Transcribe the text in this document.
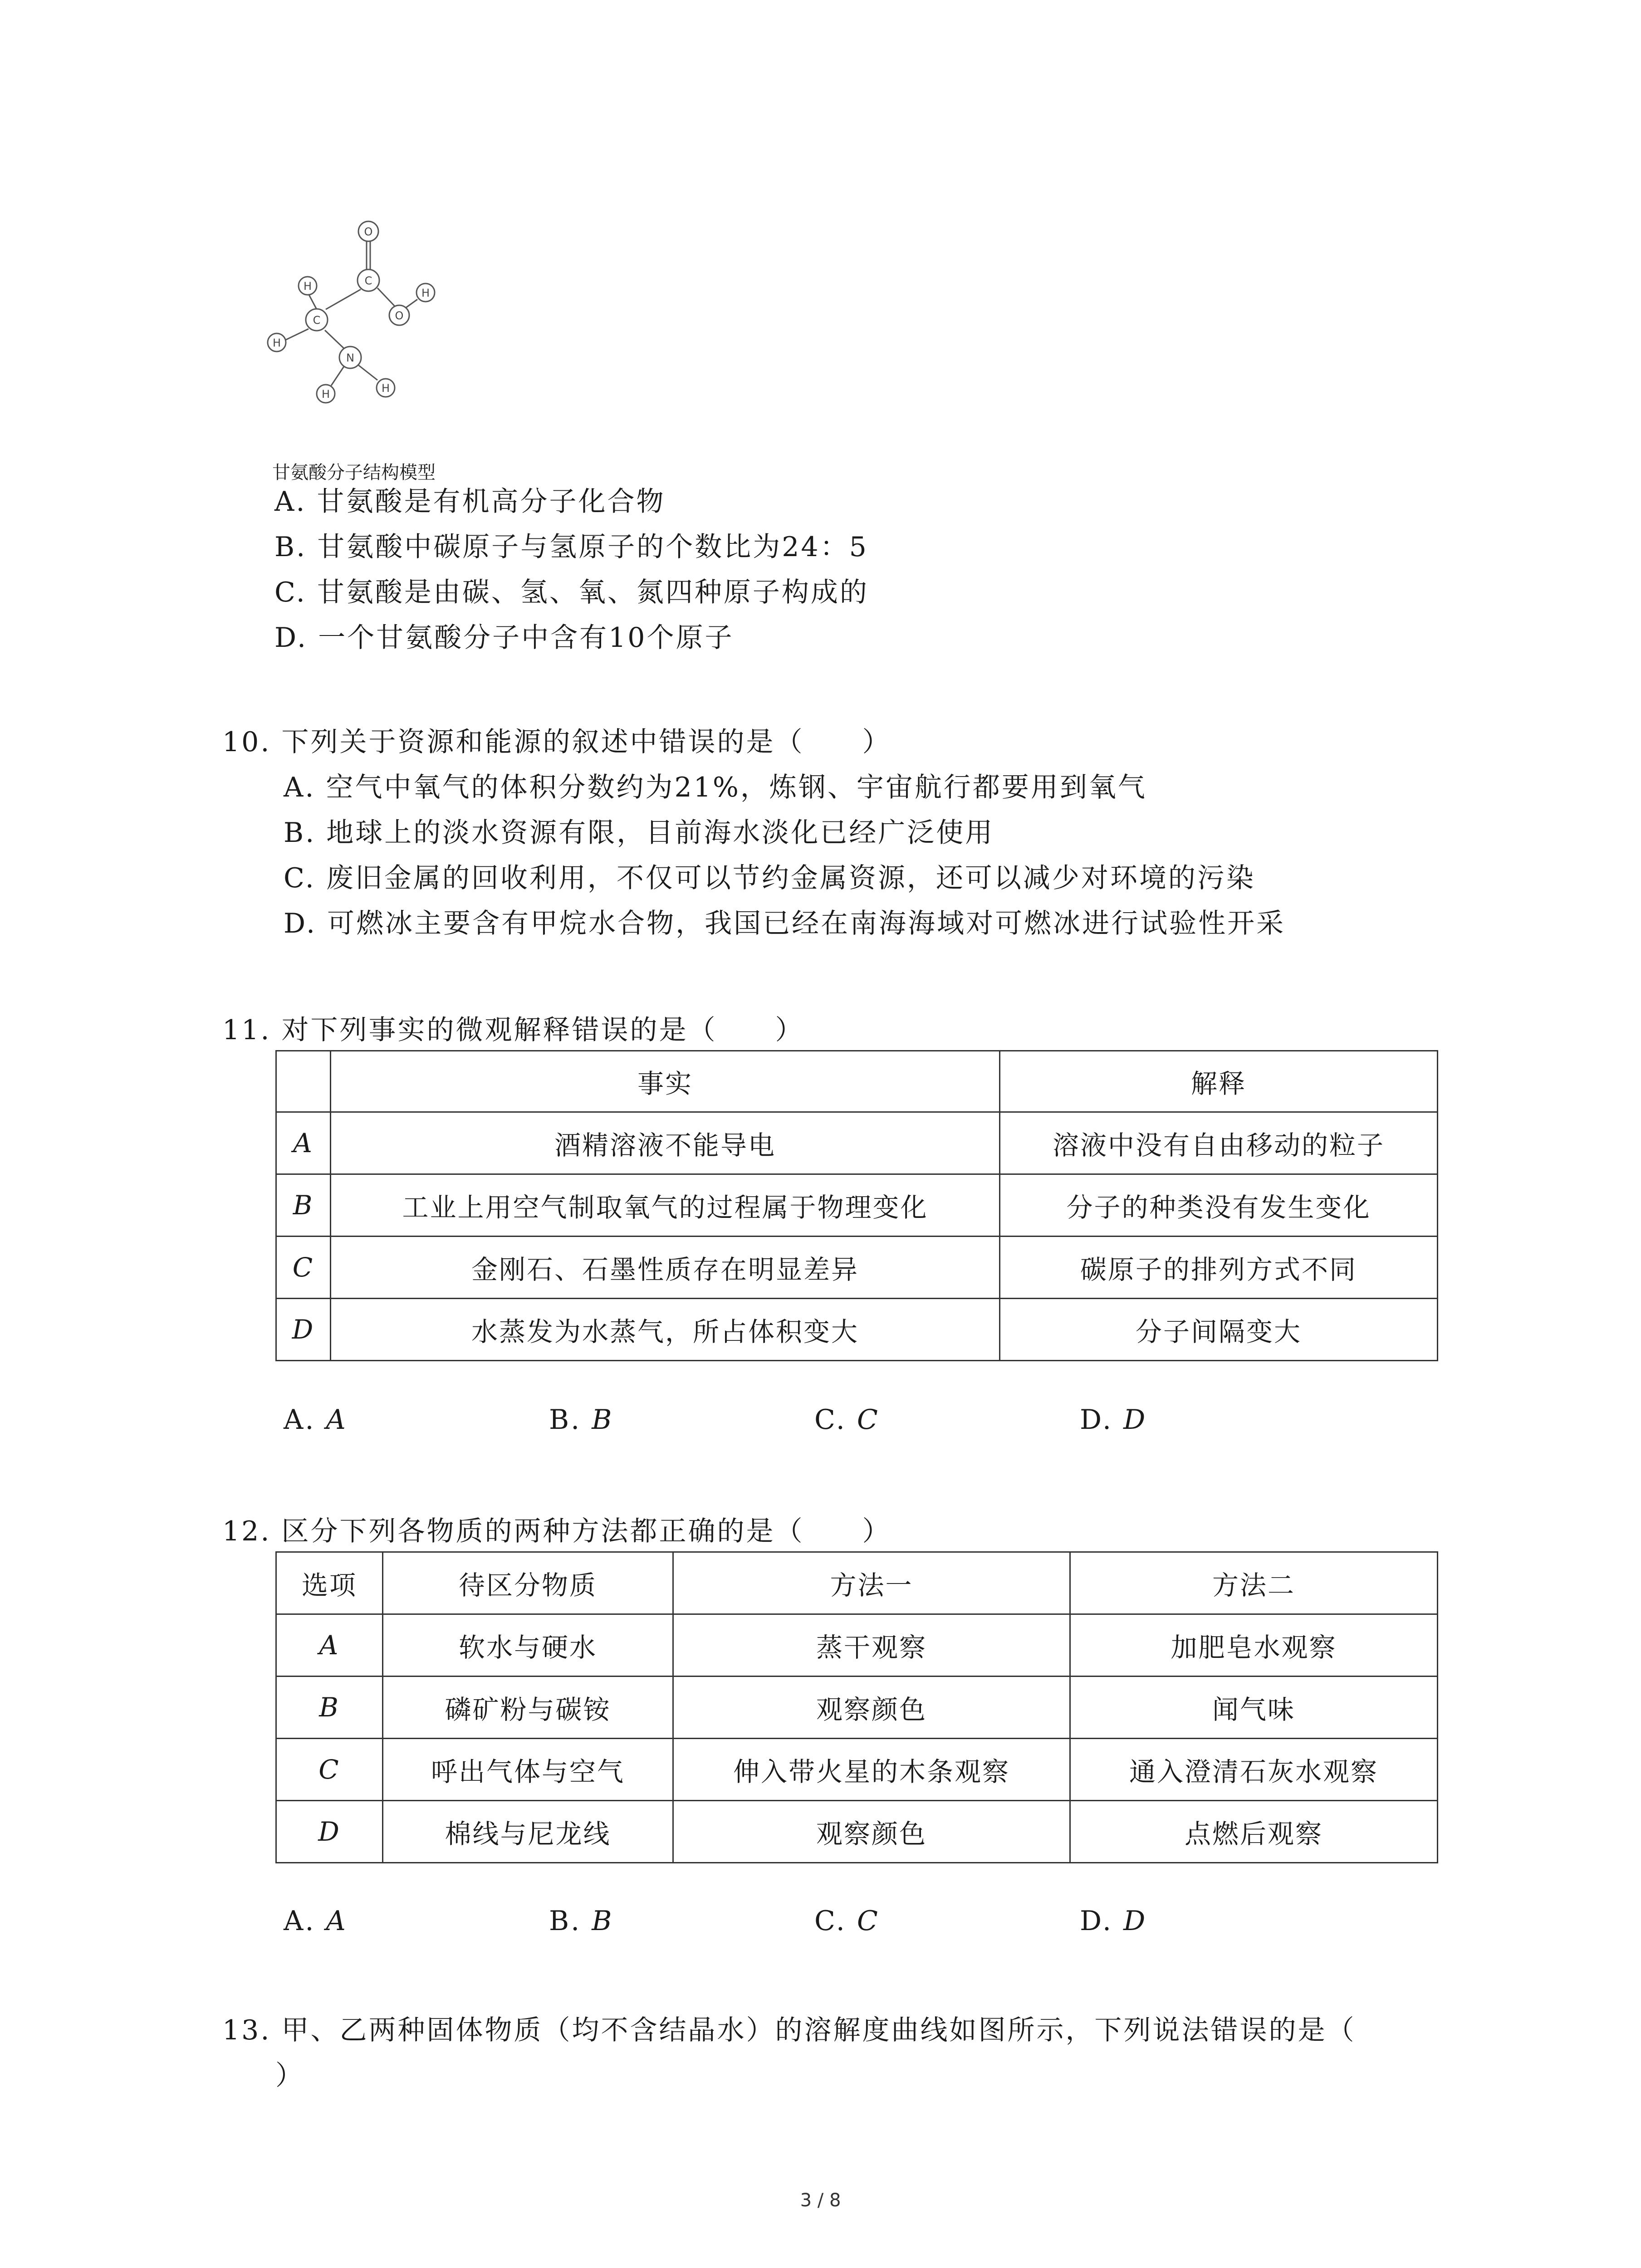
O
H	C
H
O
C
H
N
H	H
甘氨酸分子结构模型
A. 甘氨酸是有机高分子化合物
B. 甘氨酸中碳原子与氢原子的个数比为24：5
C. 甘氨酸是由碳、氢、氧、氮四种原子构成的
D. 一个甘氨酸分子中含有10个原子
10. 下列关于资源和能源的叙述中错误的是（　　）
A. 空气中氧气的体积分数约为21%，炼钢、宇宙航行都要用到氧气
B. 地球上的淡水资源有限，目前海水淡化已经广泛使用
C. 废旧金属的回收利用，不仅可以节约金属资源，还可以减少对环境的污染
D. 可燃冰主要含有甲烷水合物，我国已经在南海海域对可燃冰进行试验性开采
11. 对下列事实的微观解释错误的是（　　）
	事实	解释
A	酒精溶液不能导电	溶液中没有自由移动的粒子
B	工业上用空气制取氧气的过程属于物理变化	分子的种类没有发生变化
C	金刚石、石墨性质存在明显差异	碳原子的排列方式不同
D	水蒸发为水蒸气，所占体积变大	分子间隔变大
A. A	B. B	C. C	D. D
12. 区分下列各物质的两种方法都正确的是（　　）
选项	待区分物质	方法一	方法二
A	软水与硬水	蒸干观察	加肥皂水观察
B	磷矿粉与碳铵	观察颜色	闻气味
C	呼出气体与空气	伸入带火星的木条观察	通入澄清石灰水观察
D	棉线与尼龙线	观察颜色	点燃后观察
A. A	B. B	C. C	D. D
13. 甲、乙两种固体物质（均不含结晶水）的溶解度曲线如图所示，下列说法错误的是（
）
3 / 8
